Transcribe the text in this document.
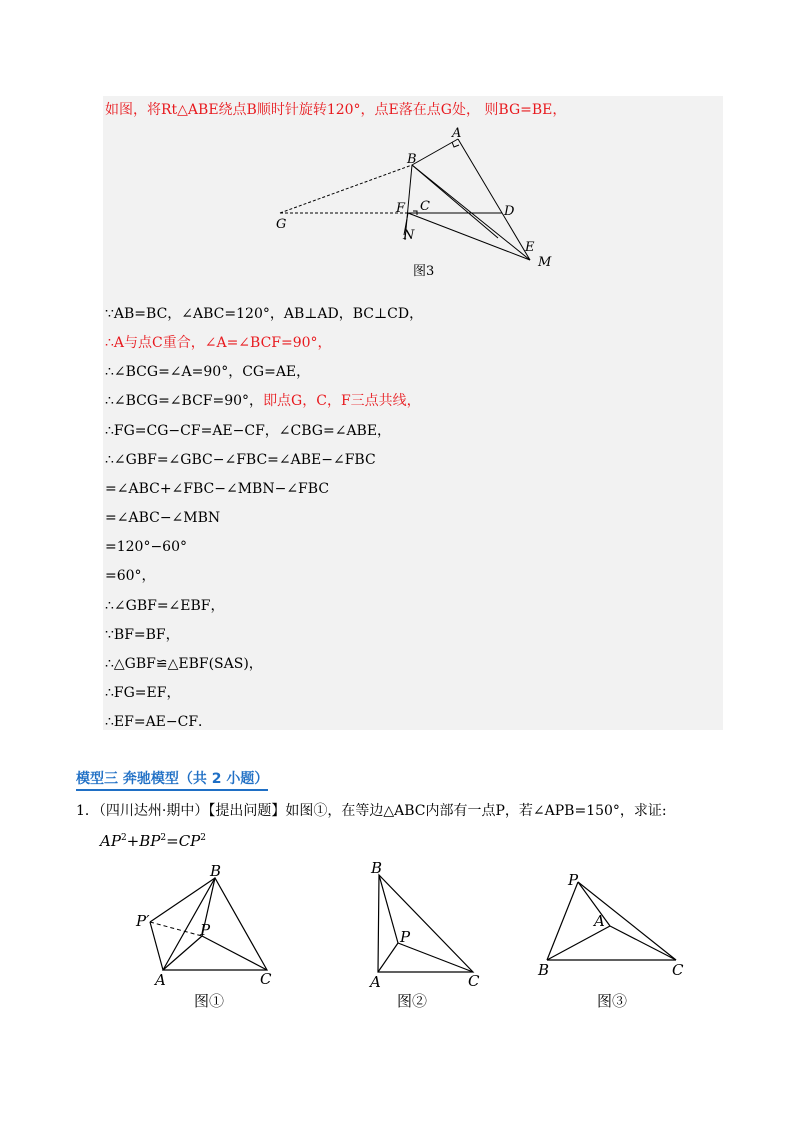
如图，将Rt△ABE绕点B顺时针旋转120°，点E落在点G处， 则BG=BE，
B
A
F C	D
G
N
E
M
图3
∵AB=BC，∠ABC=120°，AB⊥AD，BC⊥CD，
∴A与点C重合，∠A=∠BCF=90°，
∴∠BCG=∠A=90°，CG=AE，
∴∠BCG=∠BCF=90°，即点G，C，F三点共线，
∴FG=CG−CF=AE−CF，∠CBG=∠ABE，
∴∠GBF=∠GBC−∠FBC=∠ABE−∠FBC
=∠ABC+∠FBC−∠MBN−∠FBC
=∠ABC−∠MBN
=120°−60°
=60°，
∴∠GBF=∠EBF，
∵BF=BF，
∴△GBF≌△EBF(SAS)，
∴FG=EF，
∴EF=AE−CF．
模型三 奔驰模型（共 2 小题）
1．（四川达州·期中）【提出问题】如图①，在等边△ABC内部有一点P，若∠APB=150°，求证:
$AP^2+BP^2=CP^2$
B
P′	P
A	C
图①
B
P
A	C
图②
P
A
B	C
图③
